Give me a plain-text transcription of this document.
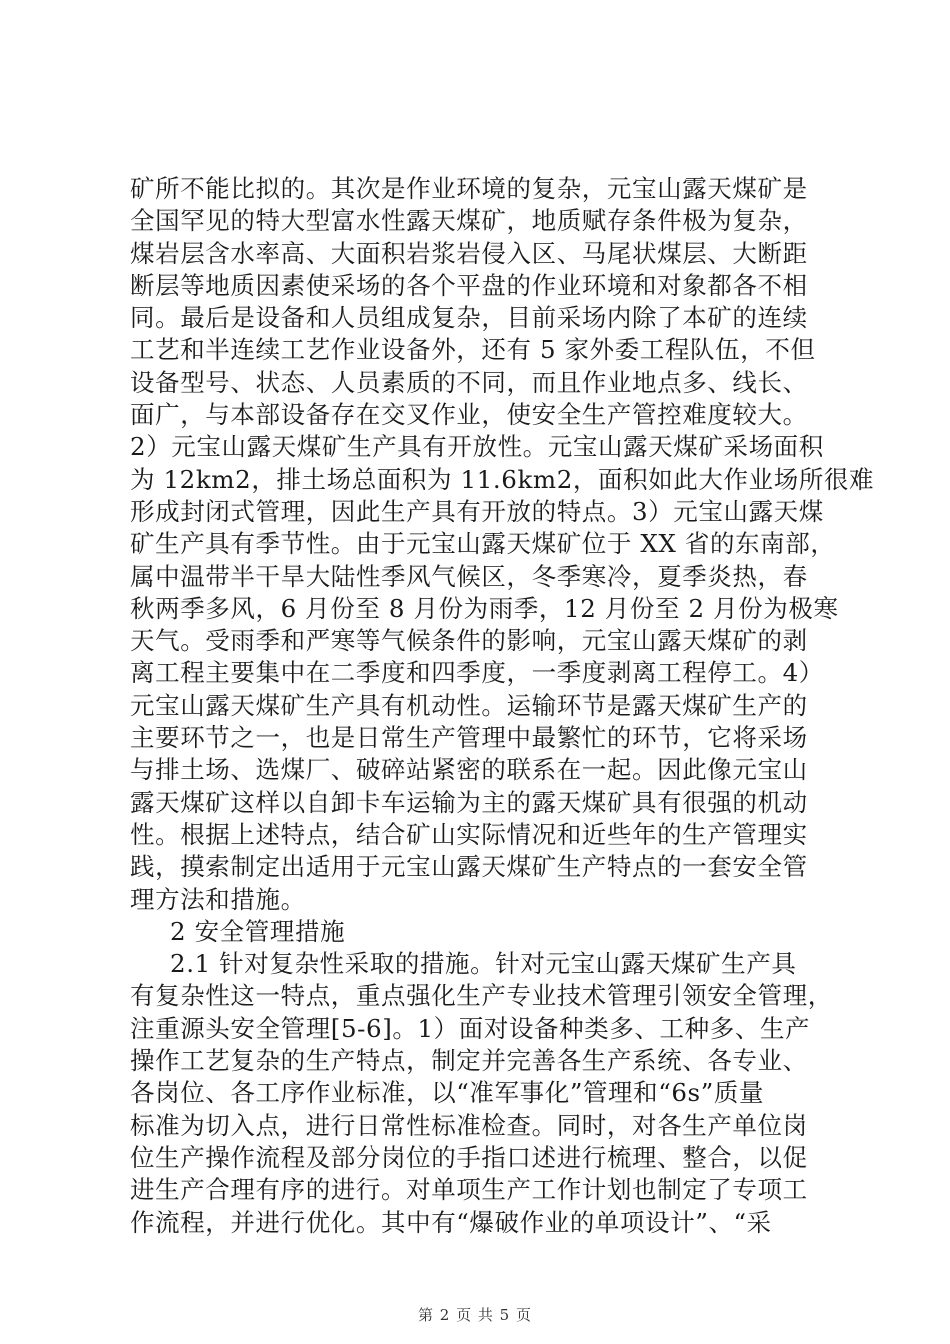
矿所不能比拟的。其次是作业环境的复杂，元宝山露天煤矿是
全国罕见的特大型富水性露天煤矿，地质赋存条件极为复杂，
煤岩层含水率高、大面积岩浆岩侵入区、马尾状煤层、大断距
断层等地质因素使采场的各个平盘的作业环境和对象都各不相
同。最后是设备和人员组成复杂，目前采场内除了本矿的连续
工艺和半连续工艺作业设备外，还有 5 家外委工程队伍，不但
设备型号、状态、人员素质的不同，而且作业地点多、线长、
面广，与本部设备存在交叉作业，使安全生产管控难度较大。
2）元宝山露天煤矿生产具有开放性。元宝山露天煤矿采场面积
为 12km2，排土场总面积为 11.6km2，面积如此大作业场所很难
形成封闭式管理，因此生产具有开放的特点。3）元宝山露天煤
矿生产具有季节性。由于元宝山露天煤矿位于 XX 省的东南部，
属中温带半干旱大陆性季风气候区，冬季寒冷，夏季炎热，春
秋两季多风，6 月份至 8 月份为雨季，12 月份至 2 月份为极寒
天气。受雨季和严寒等气候条件的影响，元宝山露天煤矿的剥
离工程主要集中在二季度和四季度，一季度剥离工程停工。4）
元宝山露天煤矿生产具有机动性。运输环节是露天煤矿生产的
主要环节之一，也是日常生产管理中最繁忙的环节，它将采场
与排土场、选煤厂、破碎站紧密的联系在一起。因此像元宝山
露天煤矿这样以自卸卡车运输为主的露天煤矿具有很强的机动
性。根据上述特点，结合矿山实际情况和近些年的生产管理实
践，摸索制定出适用于元宝山露天煤矿生产特点的一套安全管
理方法和措施。
2 安全管理措施
2.1 针对复杂性采取的措施。针对元宝山露天煤矿生产具
有复杂性这一特点，重点强化生产专业技术管理引领安全管理，
注重源头安全管理[5-6]。1）面对设备种类多、工种多、生产
操作工艺复杂的生产特点，制定并完善各生产系统、各专业、
各岗位、各工序作业标准，以“准军事化”管理和“6s”质量
标准为切入点，进行日常性标准检查。同时，对各生产单位岗
位生产操作流程及部分岗位的手指口述进行梳理、整合，以促
进生产合理有序的进行。对单项生产工作计划也制定了专项工
作流程，并进行优化。其中有“爆破作业的单项设计”、“采
第 2 页 共 5 页
